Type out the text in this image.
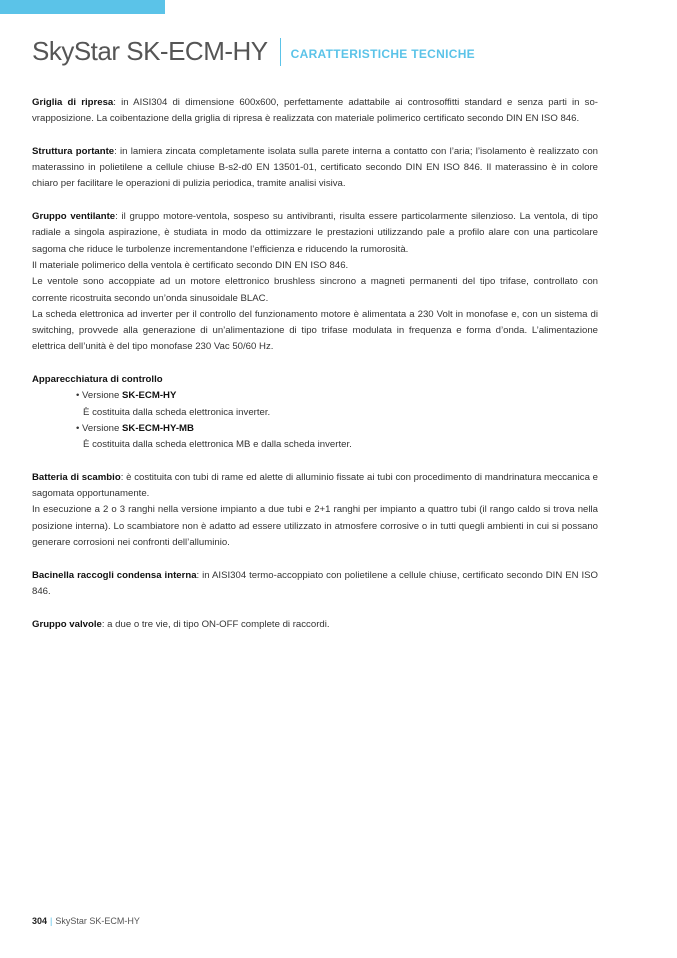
SkyStar SK-ECM-HY CARATTERISTICHE TECNICHE

Griglia di ripresa: in AISI304 di dimensione 600x600, perfettamente adattabile ai controsoffitti standard e senza parti in sovrapposizione. La coibentazione della griglia di ripresa è realizzata con materiale polimerico certificato secondo DIN EN ISO 846.

Struttura portante: in lamiera zincata completamente isolata sulla parete interna a contatto con l’aria; l’isolamento è realizzato con materassino in polietilene a cellule chiuse B-s2-d0 EN 13501-01, certificato secondo DIN EN ISO 846. Il materassino è in colore chiaro per facilitare le operazioni di pulizia periodica, tramite analisi visiva.

Gruppo ventilante: il gruppo motore-ventola, sospeso su antivibranti, risulta essere particolarmente silenzioso. La ventola, di tipo radiale a singola aspirazione, è studiata in modo da ottimizzare le prestazioni utilizzando pale a profilo alare con una particolare sagoma che riduce le turbolenze incrementandone l’efficienza e riducendo la rumorosità.

Il materiale polimerico della ventola è certificato secondo DIN EN ISO 846.

Le ventole sono accoppiate ad un motore elettronico brushless sincrono a magneti permanenti del tipo trifase, controllato con corrente ricostruita secondo un’onda sinusoidale BLAC.

La scheda elettronica ad inverter per il controllo del funzionamento motore è alimentata a 230 Volt in monofase e, con un sistema di switching, provvede alla generazione di un’alimentazione di tipo trifase modulata in frequenza e forma d’onda. L’alimentazione elettrica dell’unità è del tipo monofase 230 Vac 50/60 Hz.

Apparecchiatura di controllo

• Versione SK-ECM-HY
È costituita dalla scheda elettronica inverter.
• Versione SK-ECM-HY-MB
È costituita dalla scheda elettronica MB e dalla scheda inverter.

Batteria di scambio: è costituita con tubi di rame ed alette di alluminio fissate ai tubi con procedimento di mandrinatura meccanica e sagomata opportunamente.

In esecuzione a 2 o 3 ranghi nella versione impianto a due tubi e 2+1 ranghi per impianto a quattro tubi (il rango caldo si trova nella posizione interna). Lo scambiatore non è adatto ad essere utilizzato in atmosfere corrosive o in tutti quegli ambienti in cui si possano generare corrosioni nei confronti dell’alluminio.

Bacinella raccogli condensa interna: in AISI304 termo-accoppiato con polietilene a cellule chiuse, certificato secondo DIN EN ISO 846.

Gruppo valvole: a due o tre vie, di tipo ON-OFF complete di raccordi.

304 | SkyStar SK-ECM-HY
